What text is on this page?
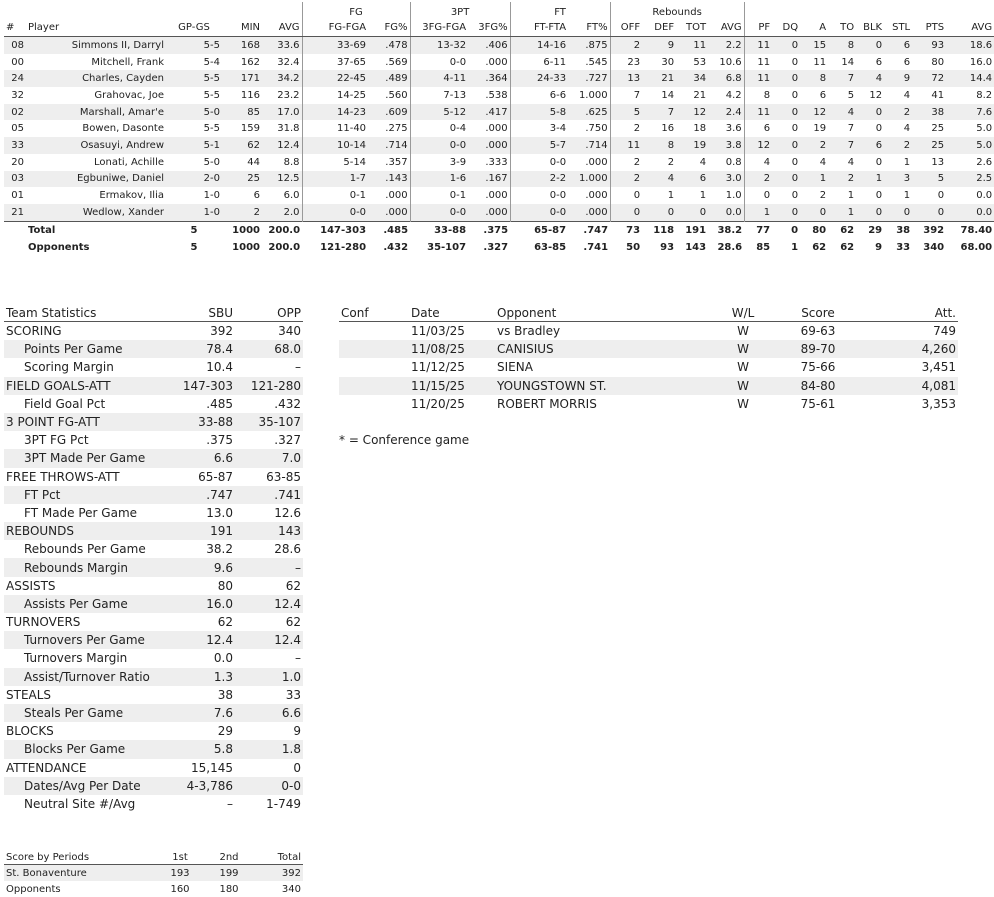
					FG		3PT		FT		Rebounds											
#	Player	GP-GS	MIN	AVG	FG-FGA	FG%	3FG-FGA	3FG%	FT-FTA	FT%	OFF	DEF	TOT	AVG	PF	DQ	A	TO	BLK	STL	PTS	AVG
08	Simmons II, Darryl	5-5	168	33.6	33-69	.478	13-32	.406	14-16	.875	2	9	11	2.2	11	0	15	8	0	6	93	18.6
00	Mitchell, Frank	5-4	162	32.4	37-65	.569	0-0	.000	6-11	.545	23	30	53	10.6	11	0	11	14	6	6	80	16.0
24	Charles, Cayden	5-5	171	34.2	22-45	.489	4-11	.364	24-33	.727	13	21	34	6.8	11	0	8	7	4	9	72	14.4
32	Grahovac, Joe	5-5	116	23.2	14-25	.560	7-13	.538	6-6	1.000	7	14	21	4.2	8	0	6	5	12	4	41	8.2
02	Marshall, Amar'e	5-0	85	17.0	14-23	.609	5-12	.417	5-8	.625	5	7	12	2.4	11	0	12	4	0	2	38	7.6
05	Bowen, Dasonte	5-5	159	31.8	11-40	.275	0-4	.000	3-4	.750	2	16	18	3.6	6	0	19	7	0	4	25	5.0
33	Osasuyi, Andrew	5-1	62	12.4	10-14	.714	0-0	.000	5-7	.714	11	8	19	3.8	12	0	2	7	6	2	25	5.0
20	Lonati, Achille	5-0	44	8.8	5-14	.357	3-9	.333	0-0	.000	2	2	4	0.8	4	0	4	4	0	1	13	2.6
03	Egbuniwe, Daniel	2-0	25	12.5	1-7	.143	1-6	.167	2-2	1.000	2	4	6	3.0	2	0	1	2	1	3	5	2.5
01	Ermakov, Ilia	1-0	6	6.0	0-1	.000	0-1	.000	0-0	.000	0	1	1	1.0	0	0	2	1	0	1	0	0.0
21	Wedlow, Xander	1-0	2	2.0	0-0	.000	0-0	.000	0-0	.000	0	0	0	0.0	1	0	0	1	0	0	0	0.0
	Total	5	1000	200.0	147-303	.485	33-88	.375	65-87	.747	73	118	191	38.2	77	0	80	62	29	38	392	78.40
	Opponents	5	1000	200.0	121-280	.432	35-107	.327	63-85	.741	50	93	143	28.6	85	1	62	62	9	33	340	68.00
Team Statistics	SBU	OPP
SCORING	392	340
Points Per Game	78.4	68.0
Scoring Margin	10.4	–
FIELD GOALS-ATT	147-303	121-280
Field Goal Pct	.485	.432
3 POINT FG-ATT	33-88	35-107
3PT FG Pct	.375	.327
3PT Made Per Game	6.6	7.0
FREE THROWS-ATT	65-87	63-85
FT Pct	.747	.741
FT Made Per Game	13.0	12.6
REBOUNDS	191	143
Rebounds Per Game	38.2	28.6
Rebounds Margin	9.6	–
ASSISTS	80	62
Assists Per Game	16.0	12.4
TURNOVERS	62	62
Turnovers Per Game	12.4	12.4
Turnovers Margin	0.0	–
Assist/Turnover Ratio	1.3	1.0
STEALS	38	33
Steals Per Game	7.6	6.6
BLOCKS	29	9
Blocks Per Game	5.8	1.8
ATTENDANCE	15,145	0
Dates/Avg Per Date	4-3,786	0-0
Neutral Site #/Avg	–	1-749
Conf	Date	Opponent	W/L	Score	Att.
	11/03/25	vs Bradley	W	69-63	749
	11/08/25	CANISIUS	W	89-70	4,260
	11/12/25	SIENA	W	75-66	3,451
	11/15/25	YOUNGSTOWN ST.	W	84-80	4,081
	11/20/25	ROBERT MORRIS	W	75-61	3,353
* = Conference game
Score by Periods	1st	2nd	Total
St. Bonaventure	193	199	392
Opponents	160	180	340
